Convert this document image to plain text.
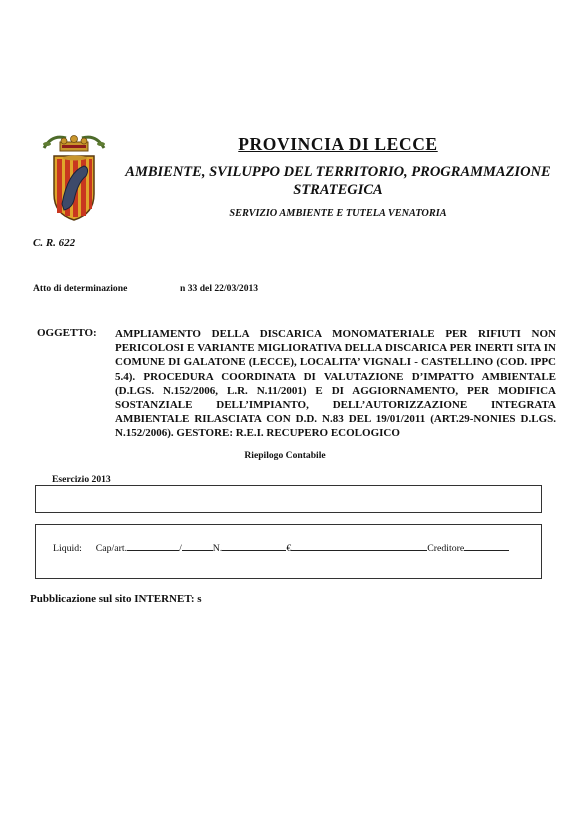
PROVINCIA DI LECCE
AMBIENTE, SVILUPPO DEL TERRITORIO, PROGRAMMAZIONE STRATEGICA
SERVIZIO AMBIENTE E TUTELA VENATORIA
C. R. 622
Atto di determinazione	n 33 del 22/03/2013
OGGETTO: AMPLIAMENTO DELLA DISCARICA MONOMATERIALE PER RIFIUTI NON PERICOLOSI E VARIANTE MIGLIORATIVA DELLA DISCARICA PER INERTI SITA IN COMUNE DI GALATONE (LECCE), LOCALITA’ VIGNALI - CASTELLINO (COD. IPPC 5.4). PROCEDURA COORDINATA DI VALUTAZIONE D’IMPATTO AMBIENTALE (D.LGS. N.152/2006, L.R. N.11/2001) E DI AGGIORNAMENTO, PER MODIFICA SOSTANZIALE DELL’IMPIANTO, DELL’AUTORIZZAZIONE INTEGRATA AMBIENTALE RILASCIATA CON D.D. N.83 DEL 19/01/2011 (ART.29-NONIES D.LGS. N.152/2006). GESTORE: R.E.I. RECUPERO ECOLOGICO
Riepilogo Contabile
Esercizio 2013
Liquid: Cap/art.	/	N.	€	Creditore
Pubblicazione sul sito INTERNET: s
